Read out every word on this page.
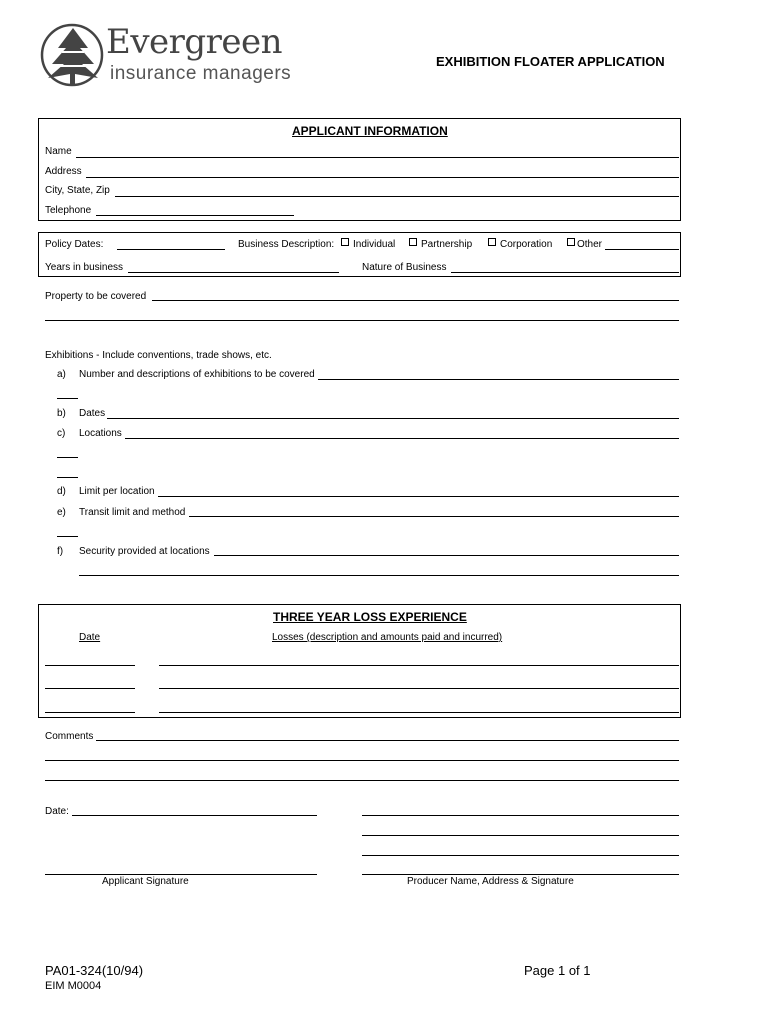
Evergreen
insurance managers
EXHIBITION FLOATER APPLICATION
APPLICANT INFORMATION
Name
Address
City, State, Zip
Telephone
Policy Dates:	Business Description: Individual	Partnership	Corporation Other
Years in business	Nature of Business
Property to be covered
Exhibitions - Include conventions, trade shows, etc.
a) Number and descriptions of exhibitions to be covered
b) Dates
c) Locations
d) Limit per location
e) Transit limit and method
f) Security provided at locations
THREE YEAR LOSS EXPERIENCE
Date	Losses (description and amounts paid and incurred)
Comments
Date:
Applicant Signature	Producer Name, Address & Signature
PA01-324(10/94)
EIM M0004
Page 1 of 1
